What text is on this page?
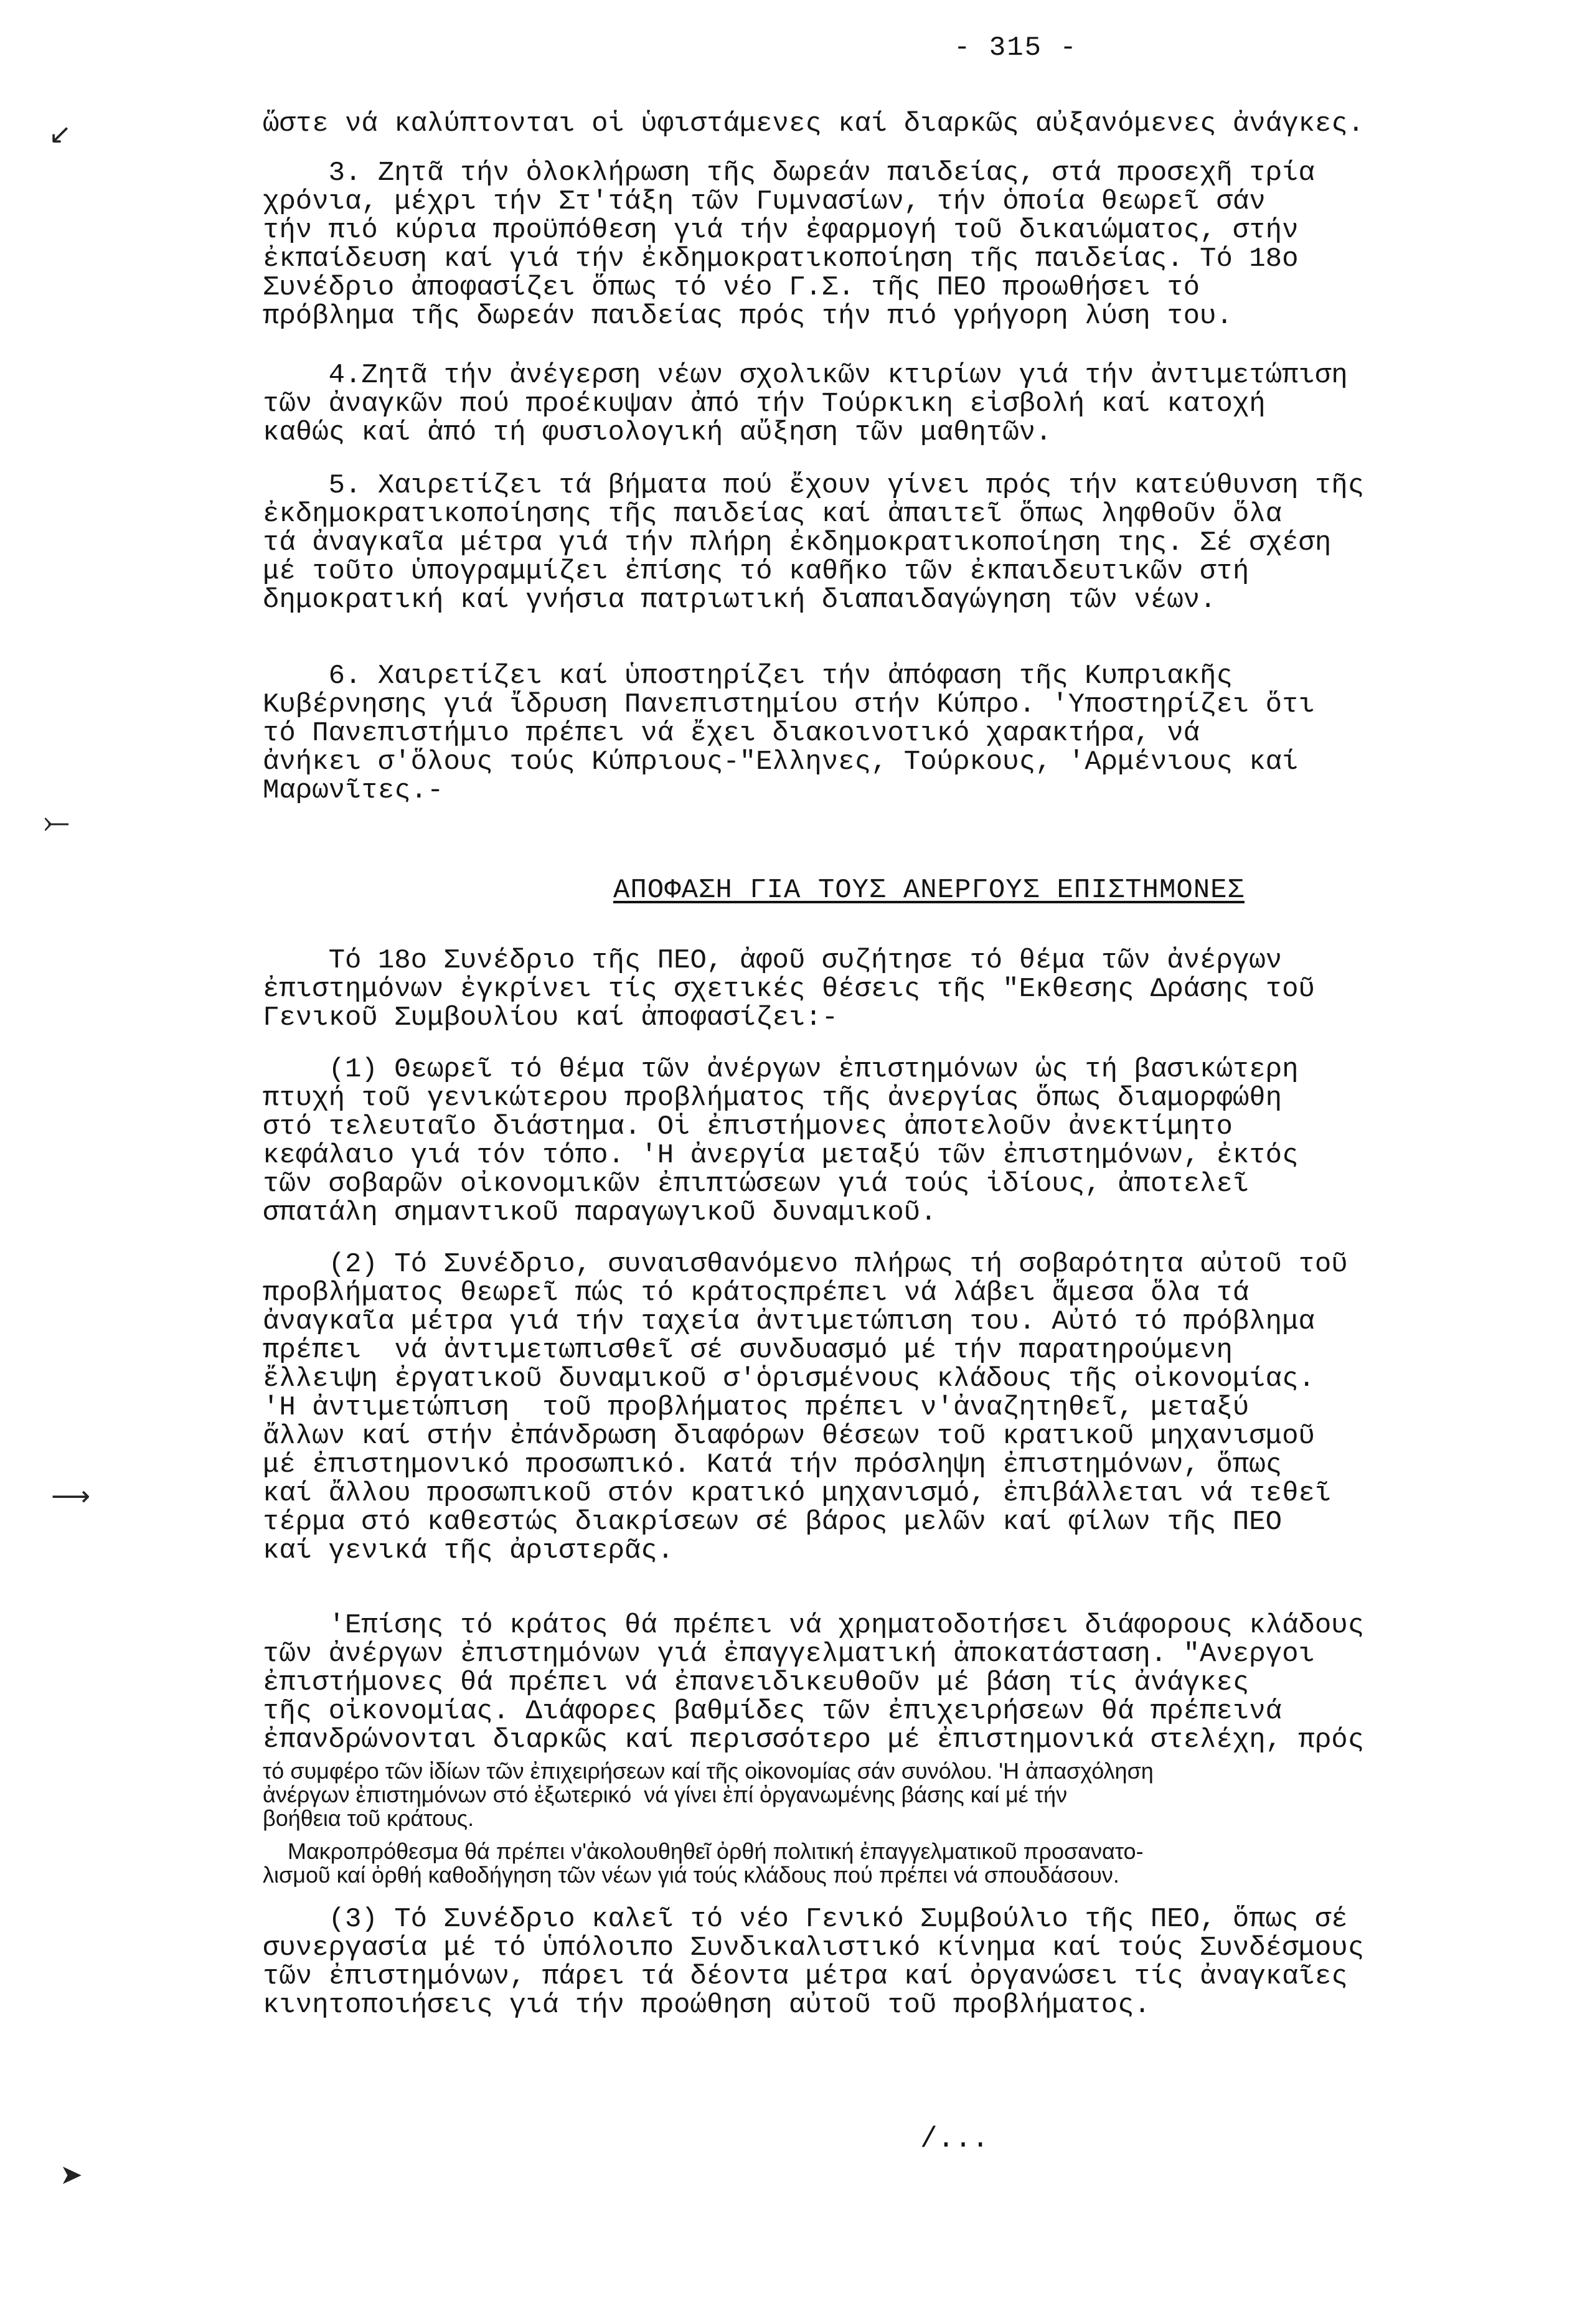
- 315 -
↙
⤚
⟶
➤
ὥστε νά καλύπτονται οἱ ὑφιστάμενες καί διαρκῶς αὐξανόμενες ἀνάγκες.
3. Ζητᾶ τήν ὁλοκλήρωση τῆς δωρεάν παιδείας, στά προσεχῆ τρία
χρόνια, μέχρι τήν Στ'τάξη τῶν Γυμνασίων, τήν ὁποία θεωρεῖ σάν
τήν πιό κύρια προϋπόθεση γιά τήν ἐφαρμογή τοῦ δικαιώματος, στήν
ἐκπαίδευση καί γιά τήν ἐκδημοκρατικοποίηση τῆς παιδείας. Τό 18ο
Συνέδριο ἀποφασίζει ὅπως τό νέο Γ.Σ. τῆς ΠΕΟ προωθήσει τό
πρόβλημα τῆς δωρεάν παιδείας πρός τήν πιό γρήγορη λύση του.
4.Ζητᾶ τήν ἀνέγερση νέων σχολικῶν κτιρίων γιά τήν ἀντιμετώπιση
τῶν ἀναγκῶν πού προέκυψαν ἀπό τήν Τούρκικη εἰσβολή καί κατοχή
καθώς καί ἀπό τή φυσιολογική αὔξηση τῶν μαθητῶν.
5. Χαιρετίζει τά βήματα πού ἔχουν γίνει πρός τήν κατεύθυνση τῆς
ἐκδημοκρατικοποίησης τῆς παιδείας καί ἀπαιτεῖ ὅπως ληφθοῦν ὅλα
τά ἀναγκαῖα μέτρα γιά τήν πλήρη ἐκδημοκρατικοποίηση της. Σέ σχέση
μέ τοῦτο ὑπογραμμίζει ἐπίσης τό καθῆκο τῶν ἐκπαιδευτικῶν στή
δημοκρατική καί γνήσια πατριωτική διαπαιδαγώγηση τῶν νέων.
6. Χαιρετίζει καί ὑποστηρίζει τήν ἀπόφαση τῆς Κυπριακῆς
Κυβέρνησης γιά ἴδρυση Πανεπιστημίου στήν Κύπρο. 'Υποστηρίζει ὅτι
τό Πανεπιστήμιο πρέπει νά ἔχει διακοινοτικό χαρακτήρα, νά
ἀνήκει σ'ὅλους τούς Κύπριους-"Ελληνες, Τούρκους, 'Αρμένιους καί
Μαρωνῖτες.-
ΑΠΟΦΑΣΗ ΓΙΑ ΤΟΥΣ ΑΝΕΡΓΟΥΣ ΕΠΙΣΤΗΜΟΝΕΣ
Τό 18ο Συνέδριο τῆς ΠΕΟ, ἀφοῦ συζήτησε τό θέμα τῶν ἀνέργων
ἐπιστημόνων ἐγκρίνει τίς σχετικές θέσεις τῆς "Εκθεσης Δράσης τοῦ
Γενικοῦ Συμβουλίου καί ἀποφασίζει:-
(1) Θεωρεῖ τό θέμα τῶν ἀνέργων ἐπιστημόνων ὡς τή βασικώτερη
πτυχή τοῦ γενικώτερου προβλήματος τῆς ἀνεργίας ὅπως διαμορφώθη
στό τελευταῖο διάστημα. Οἱ ἐπιστήμονες ἀποτελοῦν ἀνεκτίμητο
κεφάλαιο γιά τόν τόπο. 'Η ἀνεργία μεταξύ τῶν ἐπιστημόνων, ἐκτός
τῶν σοβαρῶν οἰκονομικῶν ἐπιπτώσεων γιά τούς ἰδίους, ἀποτελεῖ
σπατάλη σημαντικοῦ παραγωγικοῦ δυναμικοῦ.
(2) Τό Συνέδριο, συναισθανόμενο πλήρως τή σοβαρότητα αὐτοῦ τοῦ
προβλήματος θεωρεῖ πώς τό κράτοςπρέπει νά λάβει ἄμεσα ὅλα τά
ἀναγκαῖα μέτρα γιά τήν ταχεία ἀντιμετώπιση του. Αὐτό τό πρόβλημα
πρέπει  νά ἀντιμετωπισθεῖ σέ συνδυασμό μέ τήν παρατηρούμενη
ἔλλειψη ἐργατικοῦ δυναμικοῦ σ'ὁρισμένους κλάδους τῆς οἰκονομίας.
'Η ἀντιμετώπιση  τοῦ προβλήματος πρέπει ν'ἀναζητηθεῖ, μεταξύ
ἄλλων καί στήν ἐπάνδρωση διαφόρων θέσεων τοῦ κρατικοῦ μηχανισμοῦ
μέ ἐπιστημονικό προσωπικό. Κατά τήν πρόσληψη ἐπιστημόνων, ὅπως
καί ἄλλου προσωπικοῦ στόν κρατικό μηχανισμό, ἐπιβάλλεται νά τεθεῖ
τέρμα στό καθεστώς διακρίσεων σέ βάρος μελῶν καί φίλων τῆς ΠΕΟ
καί γενικά τῆς ἀριστερᾶς.
'Επίσης τό κράτος θά πρέπει νά χρηματοδοτήσει διάφορους κλάδους
τῶν ἀνέργων ἐπιστημόνων γιά ἐπαγγελματική ἀποκατάσταση. "Ανεργοι
ἐπιστήμονες θά πρέπει νά ἐπανειδικευθοῦν μέ βάση τίς ἀνάγκες
τῆς οἰκονομίας. Διάφορες βαθμίδες τῶν ἐπιχειρήσεων θά πρέπεινά
ἐπανδρώνονται διαρκῶς καί περισσότερο μέ ἐπιστημονικά στελέχη, πρός
τό συμφέρο τῶν ἰδίων τῶν ἐπιχειρήσεων καί τῆς οἰκονομίας σάν συνόλου. 'Η ἀπασχόληση
ἀνέργων ἐπιστημόνων στό ἐξωτερικό  νά γίνει ἐπί ὀργανωμένης βάσης καί μέ τήν
βοήθεια τοῦ κράτους.
Μακροπρόθεσμα θά πρέπει ν'ἀκολουθηθεῖ ὀρθή πολιτική ἐπαγγελματικοῦ προσανατο-
λισμοῦ καί ὀρθή καθοδήγηση τῶν νέων γιά τούς κλάδους πού πρέπει νά σπουδάσουν.
(3) Τό Συνέδριο καλεῖ τό νέο Γενικό Συμβούλιο τῆς ΠΕΟ, ὅπως σέ
συνεργασία μέ τό ὑπόλοιπο Συνδικαλιστικό κίνημα καί τούς Συνδέσμους
τῶν ἐπιστημόνων, πάρει τά δέοντα μέτρα καί ὀργανώσει τίς ἀναγκαῖες
κινητοποιήσεις γιά τήν προώθηση αὐτοῦ τοῦ προβλήματος.
/...
